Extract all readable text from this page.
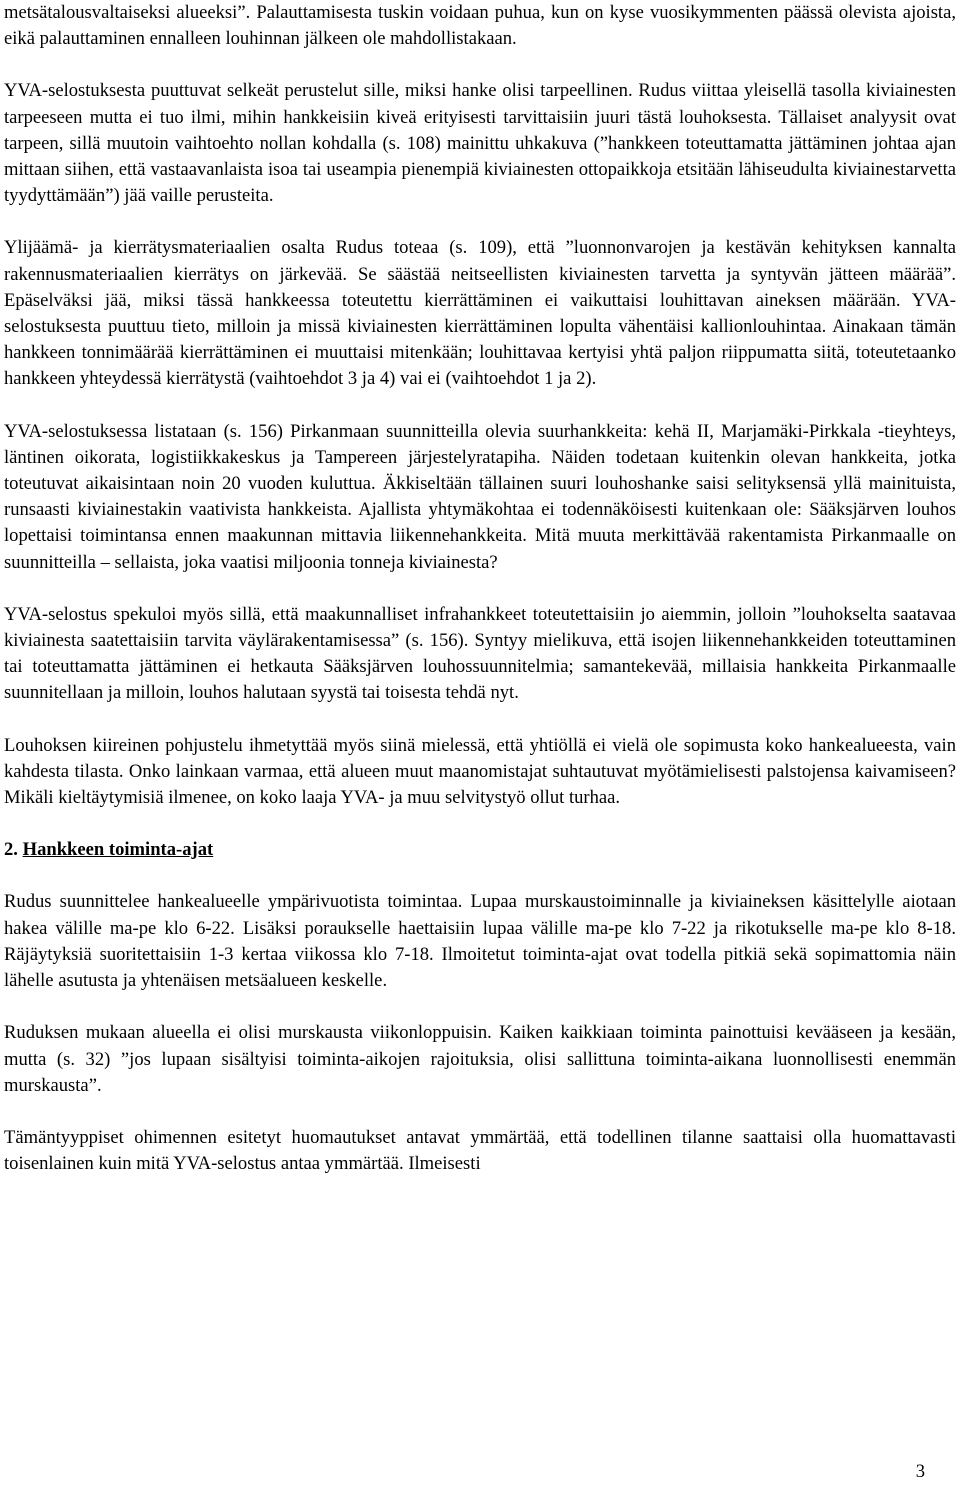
metsätalousvaltaiseksi alueeksi”. Palauttamisesta tuskin voidaan puhua, kun on kyse vuosikymmenten päässä olevista ajoista, eikä palauttaminen ennalleen louhinnan jälkeen ole mahdollistakaan.

YVA-selostuksesta puuttuvat selkeät perustelut sille, miksi hanke olisi tarpeellinen. Rudus viittaa yleisellä tasolla kiviainesten tarpeeseen mutta ei tuo ilmi, mihin hankkeisiin kiveä erityisesti tarvittaisiin juuri tästä louhoksesta. Tällaiset analyysit ovat tarpeen, sillä muutoin vaihtoehto nollan kohdalla (s. 108) mainittu uhkakuva (”hankkeen toteuttamatta jättäminen johtaa ajan mittaan siihen, että vastaavanlaista isoa tai useampia pienempiä kiviainesten ottopaikkoja etsitään lähiseudulta kiviainestarvetta tyydyttämään”) jää vaille perusteita.

Ylijäämä- ja kierrätysmateriaalien osalta Rudus toteaa (s. 109), että ”luonnonvarojen ja kestävän kehityksen kannalta rakennusmateriaalien kierrätys on järkevää. Se säästää neitseellisten kiviainesten tarvetta ja syntyvän jätteen määrää”. Epäselväksi jää, miksi tässä hankkeessa toteutettu kierrättäminen ei vaikuttaisi louhittavan aineksen määrään. YVA-selostuksesta puuttuu tieto, milloin ja missä kiviainesten kierrättäminen lopulta vähentäisi kallionlouhintaa. Ainakaan tämän hankkeen tonnimäärää kierrättäminen ei muuttaisi mitenkään; louhittavaa kertyisi yhtä paljon riippumatta siitä, toteutetaanko hankkeen yhteydessä kierrätystä (vaihtoehdot 3 ja 4) vai ei (vaihtoehdot 1 ja 2).

YVA-selostuksessa listataan (s. 156) Pirkanmaan suunnitteilla olevia suurhankkeita: kehä II, Marjamäki-Pirkkala -tieyhteys, läntinen oikorata, logistiikkakeskus ja Tampereen järjestelyratapiha. Näiden todetaan kuitenkin olevan hankkeita, jotka toteutuvat aikaisintaan noin 20 vuoden kuluttua. Äkkiseltään tällainen suuri louhoshanke saisi selityksensä yllä mainituista, runsaasti kiviainestakin vaativista hankkeista. Ajallista yhtymäkohtaa ei todennäköisesti kuitenkaan ole: Sääksjärven louhos lopettaisi toimintansa ennen maakunnan mittavia liikennehankkeita. Mitä muuta merkittävää rakentamista Pirkanmaalle on suunnitteilla – sellaista, joka vaatisi miljoonia tonneja kiviainesta?

YVA-selostus spekuloi myös sillä, että maakunnalliset infrahankkeet toteutettaisiin jo aiemmin, jolloin ”louhokselta saatavaa kiviainesta saatettaisiin tarvita väylärakentamisessa” (s. 156). Syntyy mielikuva, että isojen liikennehankkeiden toteuttaminen tai toteuttamatta jättäminen ei hetkauta Sääksjärven louhossuunnitelmia; samantekevää, millaisia hankkeita Pirkanmaalle suunnitellaan ja milloin, louhos halutaan syystä tai toisesta tehdä nyt.

Louhoksen kiireinen pohjustelu ihmetyttää myös siinä mielessä, että yhtiöllä ei vielä ole sopimusta koko hankealueesta, vain kahdesta tilasta. Onko lainkaan varmaa, että alueen muut maanomistajat suhtautuvat myötämielisesti palstojensa kaivamiseen? Mikäli kieltäytymisiä ilmenee, on koko laaja YVA- ja muu selvitystyö ollut turhaa.

2. Hankkeen toiminta-ajat

Rudus suunnittelee hankealueelle ympärivuotista toimintaa. Lupaa murskaustoiminnalle ja kiviaineksen käsittelylle aiotaan hakea välille ma-pe klo 6-22. Lisäksi poraukselle haettaisiin lupaa välille ma-pe klo 7-22 ja rikotukselle ma-pe klo 8-18. Räjäytyksiä suoritettaisiin 1-3 kertaa viikossa klo 7-18. Ilmoitetut toiminta-ajat ovat todella pitkiä sekä sopimattomia näin lähelle asutusta ja yhtenäisen metsäalueen keskelle.

Ruduksen mukaan alueella ei olisi murskausta viikonloppuisin. Kaiken kaikkiaan toiminta painottuisi kevääseen ja kesään, mutta (s. 32) ”jos lupaan sisältyisi toiminta-aikojen rajoituksia, olisi sallittuna toiminta-aikana luonnollisesti enemmän murskausta”.

Tämäntyyppiset ohimennen esitetyt huomautukset antavat ymmärtää, että todellinen tilanne saattaisi olla huomattavasti toisenlainen kuin mitä YVA-selostus antaa ymmärtää. Ilmeisesti

3
